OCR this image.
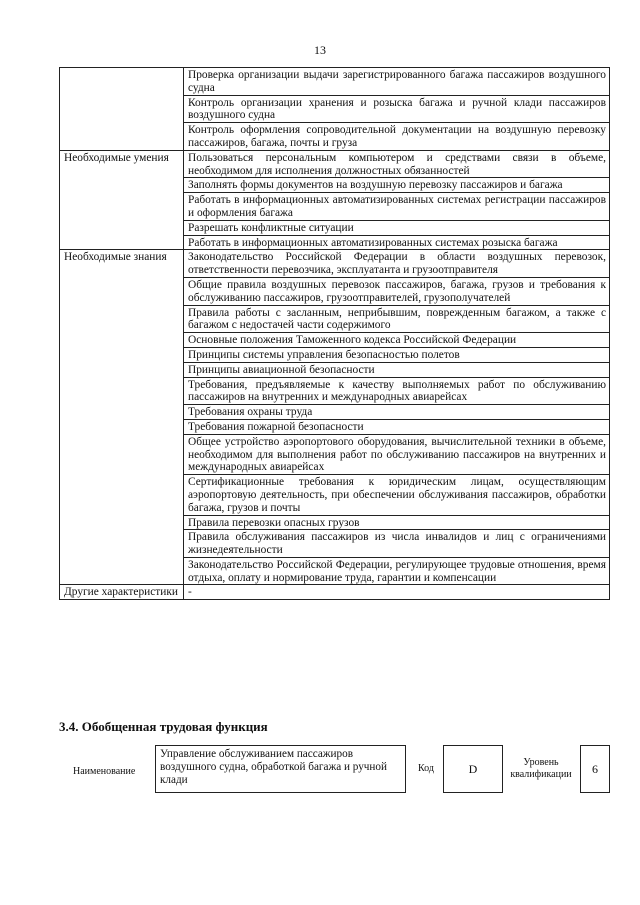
13
	Проверка организации выдачи зарегистрированного багажа пассажиров воздушного судна
	Контроль организации хранения и розыска багажа и ручной клади пассажиров воздушного судна
	Контроль оформления сопроводительной документации на воздушную перевозку пассажиров, багажа, почты и груза
Необходимые умения	Пользоваться персональным компьютером и средствами связи в объеме, необходимом для исполнения должностных обязанностей
	Заполнять формы документов на воздушную перевозку пассажиров и багажа
	Работать в информационных автоматизированных системах регистрации пассажиров и оформления багажа
	Разрешать конфликтные ситуации
	Работать в информационных автоматизированных системах розыска багажа
Необходимые знания	Законодательство Российской Федерации в области воздушных перевозок, ответственности перевозчика, эксплуатанта и грузоотправителя
	Общие правила воздушных перевозок пассажиров, багажа, грузов и требования к обслуживанию пассажиров, грузоотправителей, грузополучателей
	Правила работы с засланным, неприбывшим, поврежденным багажом, а также с багажом с недостачей части содержимого
	Основные положения Таможенного кодекса Российской Федерации
	Принципы системы управления безопасностью полетов
	Принципы авиационной безопасности
	Требования, предъявляемые к качеству выполняемых работ по обслуживанию пассажиров на внутренних и международных авиарейсах
	Требования охраны труда
	Требования пожарной безопасности
	Общее устройство аэропортового оборудования, вычислительной техники в объеме, необходимом для выполнения работ по обслуживанию пассажиров на внутренних и международных авиарейсах
	Сертификационные требования к юридическим лицам, осуществляющим аэропортовую деятельность, при обеспечении обслуживания пассажиров, обработки багажа, грузов и почты
	Правила перевозки опасных грузов
	Правила обслуживания пассажиров из числа инвалидов и лиц с ограничениями жизнедеятельности
	Законодательство Российской Федерации, регулирующее трудовые отношения, время отдыха, оплату и нормирование труда, гарантии и компенсации
Другие характеристики	-
3.4. Обобщенная трудовая функция
Наименование
Управление обслуживанием пассажиров воздушного судна, обработкой багажа и ручной клади
Код	D	Уровень квалификации	6
